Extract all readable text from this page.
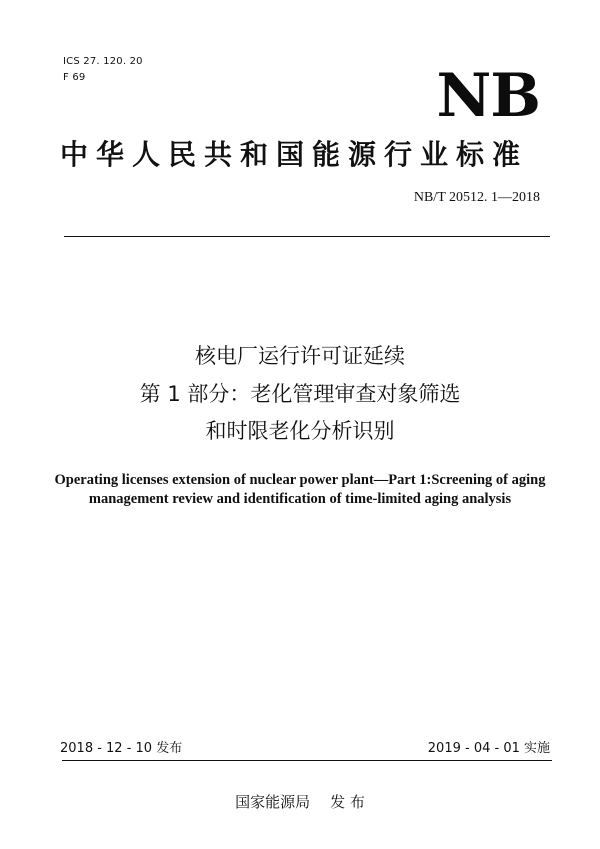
ICS 27. 120. 20
F 69	NB
中华人民共和国能源行业标准
NB/T 20512. 1—2018
核电厂运行许可证延续
第 1 部分：老化管理审查对象筛选
和时限老化分析识别
Operating licenses extension of nuclear power plant—Part 1:Screening of aging
management review and identification of time-limited aging analysis
2018 - 12 - 10 发布	2019 - 04 - 01 实施
国家能源局 发 布
